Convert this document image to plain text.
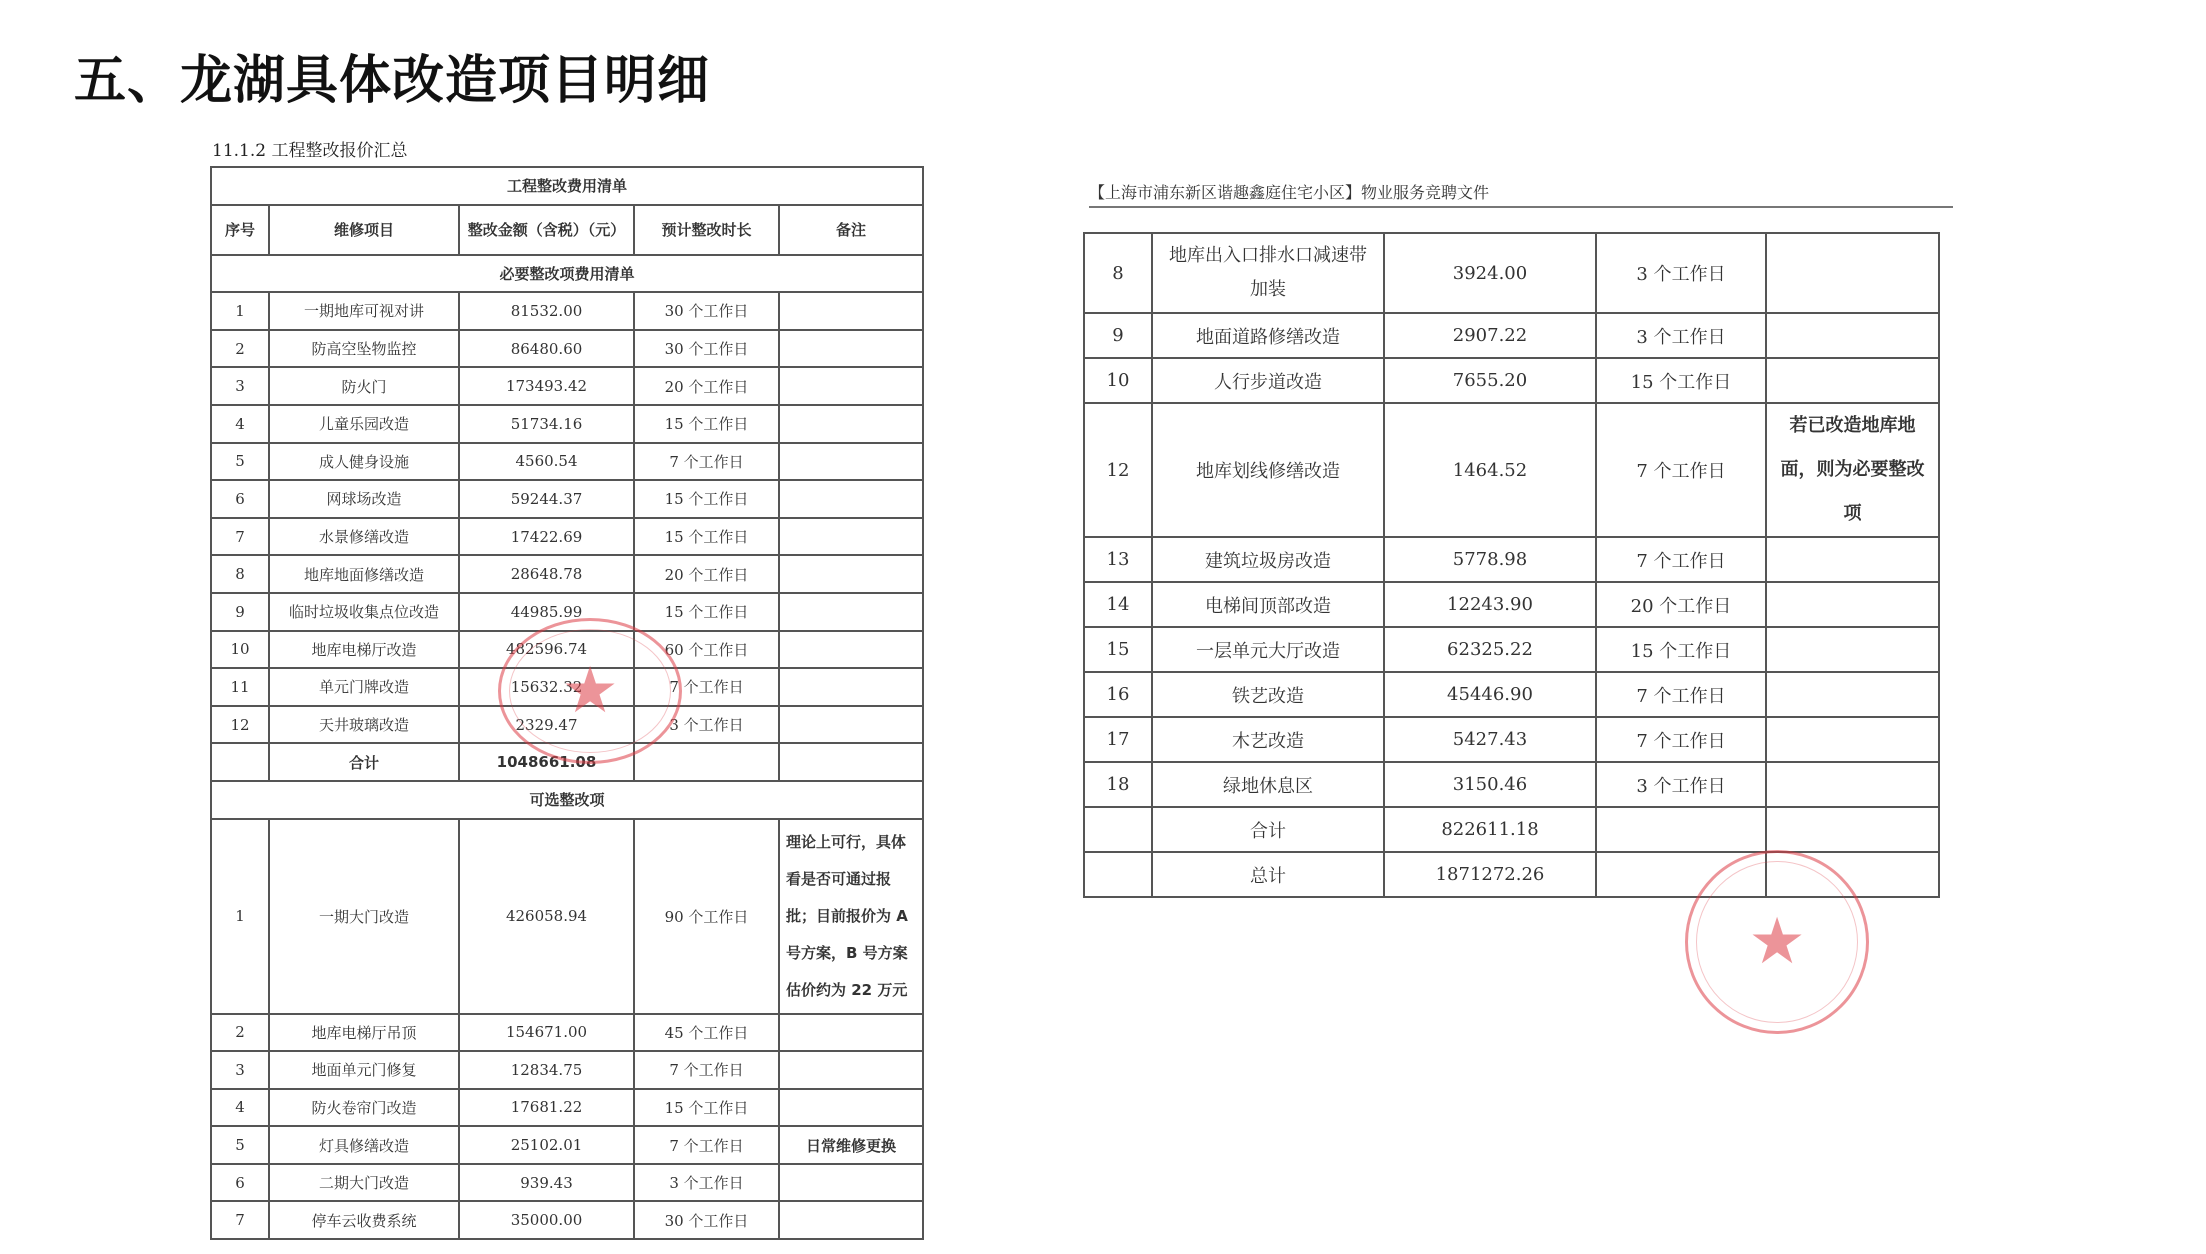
五、龙湖具体改造项目明细
11.1.2 工程整改报价汇总
工程整改费用清单				
序号	维修项目	整改金额（含税）（元）	预计整改时长	备注
必要整改项费用清单				
1	一期地库可视对讲	81532.00	30 个工作日	
2	防高空坠物监控	86480.60	30 个工作日	
3	防火门	173493.42	20 个工作日	
4	儿童乐园改造	51734.16	15 个工作日	
5	成人健身设施	4560.54	7 个工作日	
6	网球场改造	59244.37	15 个工作日	
7	水景修缮改造	17422.69	15 个工作日	
8	地库地面修缮改造	28648.78	20 个工作日	
9	临时垃圾收集点位改造	44985.99	15 个工作日	
10	地库电梯厅改造	482596.74	60 个工作日	
11	单元门牌改造	15632.32	7 个工作日	
12	天井玻璃改造	2329.47	3 个工作日	
	合计	1048661.08		
可选整改项				
1	一期大门改造	426058.94	90 个工作日	理论上可行，具体
看是否可通过报
批；目前报价为 A
号方案，B 号方案
估价约为 22 万元

2	地库电梯厅吊顶	154671.00	45 个工作日	
3	地面单元门修复	12834.75	7 个工作日	
4	防火卷帘门改造	17681.22	15 个工作日	
5	灯具修缮改造	25102.01	7 个工作日	日常维修更换
6	二期大门改造	939.43	3 个工作日	
7	停车云收费系统	35000.00	30 个工作日	
★
【上海市浦东新区谐趣鑫庭住宅小区】物业服务竞聘文件
8	地库出入口排水口减速带加装	3924.00	3 个工作日	
9	地面道路修缮改造	2907.22	3 个工作日	
10	人行步道改造	7655.20	15 个工作日	
12	地库划线修缮改造	1464.52	7 个工作日	若已改造地库地
面，则为必要整改
项

13	建筑垃圾房改造	5778.98	7 个工作日	
14	电梯间顶部改造	12243.90	20 个工作日	
15	一层单元大厅改造	62325.22	15 个工作日	
16	铁艺改造	45446.90	7 个工作日	
17	木艺改造	5427.43	7 个工作日	
18	绿地休息区	3150.46	3 个工作日	
	合计	822611.18		
	总计	1871272.26		
★
